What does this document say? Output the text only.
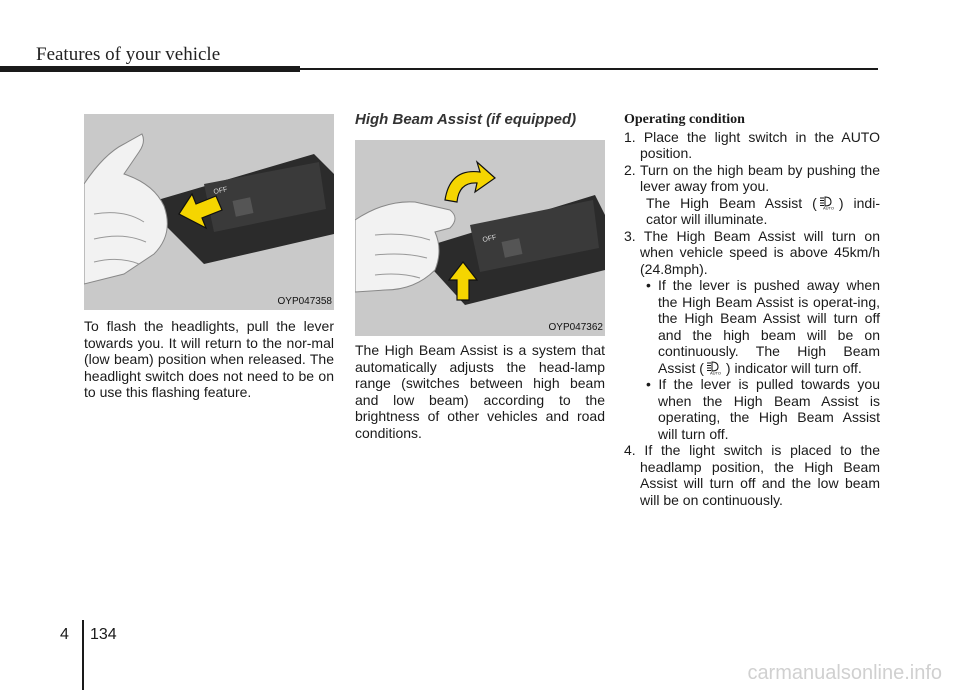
Features of your vehicle
OFF
OYP047358

To flash the headlights, pull the lever towards you. It will return to the nor-mal (low beam) position when released. The headlight switch does not need to be on to use this flashing feature.

High Beam Assist (if equipped)

The High Beam Assist is a system that automatically adjusts the head-lamp range (switches between high beam and low beam) according to the brightness of other vehicles and road conditions.

OFF
OYP047362

Operating condition

1. Place the light switch in the AUTO position.

2. Turn on the high beam by pushing the lever away from you.

The High Beam Assist ( AUTO ) indi-cator will illuminate.

3. The High Beam Assist will turn on when vehicle speed is above 45km/h (24.8mph).

• If the lever is pushed away when the High Beam Assist is operat-ing, the High Beam Assist will turn off and the high beam will be on continuously. The High Beam Assist ( AUTO ) indicator will turn off.

• If the lever is pulled towards you when the High Beam Assist is operating, the High Beam Assist will turn off.

4. If the light switch is placed to the headlamp position, the High Beam Assist will turn off and the low beam will be on continuously.

4 134
carmanualsonline.info
